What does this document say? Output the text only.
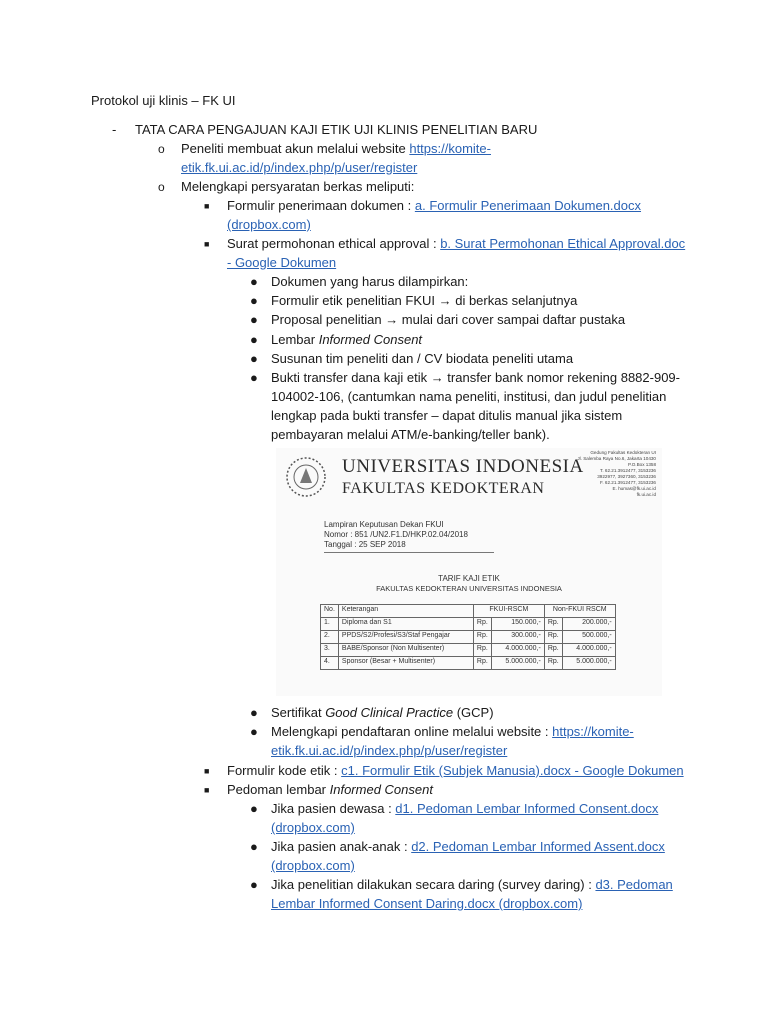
Protokol uji klinis – FK UI
- TATA CARA PENGAJUAN KAJI ETIK UJI KLINIS PENELITIAN BARU
o Peneliti membuat akun melalui website https://komite-
etik.fk.ui.ac.id/p/index.php/p/user/register
o Melengkapi persyaratan berkas meliputi:
■ Formulir penerimaan dokumen : a. Formulir Penerimaan Dokumen.docx
(dropbox.com)
■ Surat permohonan ethical approval : b. Surat Permohonan Ethical Approval.doc
- Google Dokumen
● Dokumen yang harus dilampirkan:
● Formulir etik penelitian FKUI → di berkas selanjutnya
● Proposal penelitian → mulai dari cover sampai daftar pustaka
● Lembar Informed Consent
● Susunan tim peneliti dan / CV biodata peneliti utama
● Bukti transfer dana kaji etik → transfer bank nomor rekening 8882-909-
104002-106, (cantumkan nama peneliti, institusi, dan judul penelitian
lengkap pada bukti transfer – dapat ditulis manual jika sistem
pembayaran melalui ATM/e-banking/teller bank).
UNIVERSITAS INDONESIA
FAKULTAS KEDOKTERAN
Gedung Fakultas Kedokteran UI
Jl. Salemba Raya No.6, Jakarta 10430
P.O.Box 1358
T. 62.21.3912477, 3153236
3922977, 3927360, 3153236
F. 62.21.3912477, 3153236
E. humas@fk.ui.ac.id
fk.ui.ac.id
Lampiran Keputusan Dekan FKUI
Nomor : 851 /UN2.F1.D/HKP.02.04/2018
Tanggal : 25 SEP 2018
TARIF KAJI ETIK
FAKULTAS KEDOKTERAN UNIVERSITAS INDONESIA
No.	Keterangan	FKUI-RSCM		Non-FKUI RSCM	
1.	Diploma dan S1	Rp.	150.000,-	Rp.	200.000,-
2.	PPDS/S2/Profesi/S3/Staf Pengajar	Rp.	300.000,-	Rp.	500.000,-
3.	BABE/Sponsor (Non Multisenter)	Rp.	4.000.000,-	Rp.	4.000.000,-
4.	Sponsor (Besar + Multisenter)	Rp.	5.000.000,-	Rp.	5.000.000,-
● Sertifikat Good Clinical Practice (GCP)
● Melengkapi pendaftaran online melalui website : https://komite-
etik.fk.ui.ac.id/p/index.php/p/user/register
■ Formulir kode etik : c1. Formulir Etik (Subjek Manusia).docx - Google Dokumen
■ Pedoman lembar Informed Consent
● Jika pasien dewasa : d1. Pedoman Lembar Informed Consent.docx
(dropbox.com)
● Jika pasien anak-anak : d2. Pedoman Lembar Informed Assent.docx
(dropbox.com)
● Jika penelitian dilakukan secara daring (survey daring) : d3. Pedoman
Lembar Informed Consent Daring.docx (dropbox.com)
